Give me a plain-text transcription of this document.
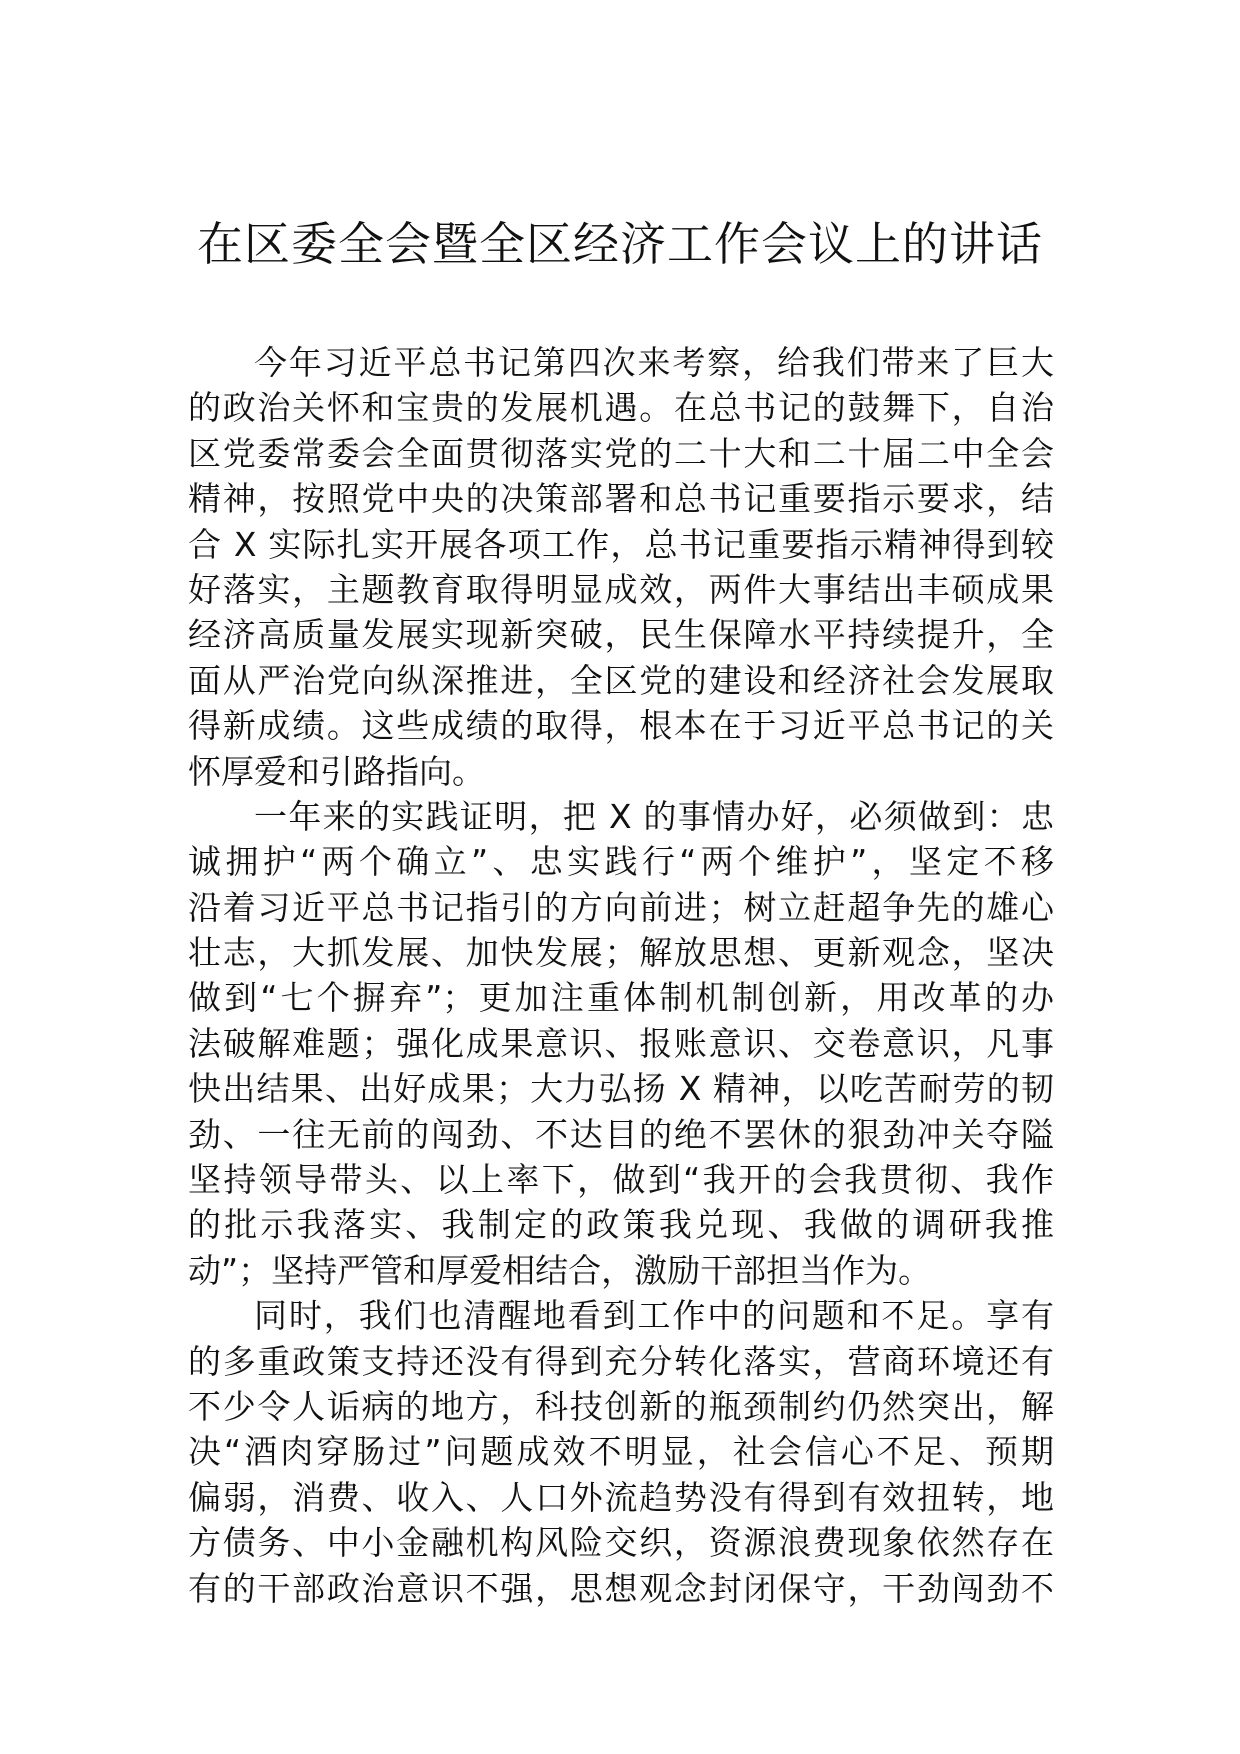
在区委全会暨全区经济工作会议上的讲话
今年习近平总书记第四次来考察，给我们带来了巨大
的政治关怀和宝贵的发展机遇。在总书记的鼓舞下，自治
区党委常委会全面贯彻落实党的二十大和二十届二中全会
精神，按照党中央的决策部署和总书记重要指示要求，结
合 X 实际扎实开展各项工作，总书记重要指示精神得到较
好落实，主题教育取得明显成效，两件大事结出丰硕成果
经济高质量发展实现新突破，民生保障水平持续提升，全
面从严治党向纵深推进，全区党的建设和经济社会发展取
得新成绩。这些成绩的取得，根本在于习近平总书记的关
怀厚爱和引路指向。
一年来的实践证明，把 X 的事情办好，必须做到：忠
诚拥护“两个确立”、忠实践行“两个维护”，坚定不移
沿着习近平总书记指引的方向前进；树立赶超争先的雄心
壮志，大抓发展、加快发展；解放思想、更新观念，坚决
做到“七个摒弃”；更加注重体制机制创新，用改革的办
法破解难题；强化成果意识、报账意识、交卷意识，凡事
快出结果、出好成果；大力弘扬 X 精神，以吃苦耐劳的韧
劲、一往无前的闯劲、不达目的绝不罢休的狠劲冲关夺隘
坚持领导带头、以上率下，做到“我开的会我贯彻、我作
的批示我落实、我制定的政策我兑现、我做的调研我推
动”；坚持严管和厚爱相结合，激励干部担当作为。
同时，我们也清醒地看到工作中的问题和不足。享有
的多重政策支持还没有得到充分转化落实，营商环境还有
不少令人诟病的地方，科技创新的瓶颈制约仍然突出，解
决“酒肉穿肠过”问题成效不明显，社会信心不足、预期
偏弱，消费、收入、人口外流趋势没有得到有效扭转，地
方债务、中小金融机构风险交织，资源浪费现象依然存在
有的干部政治意识不强，思想观念封闭保守，干劲闯劲不
